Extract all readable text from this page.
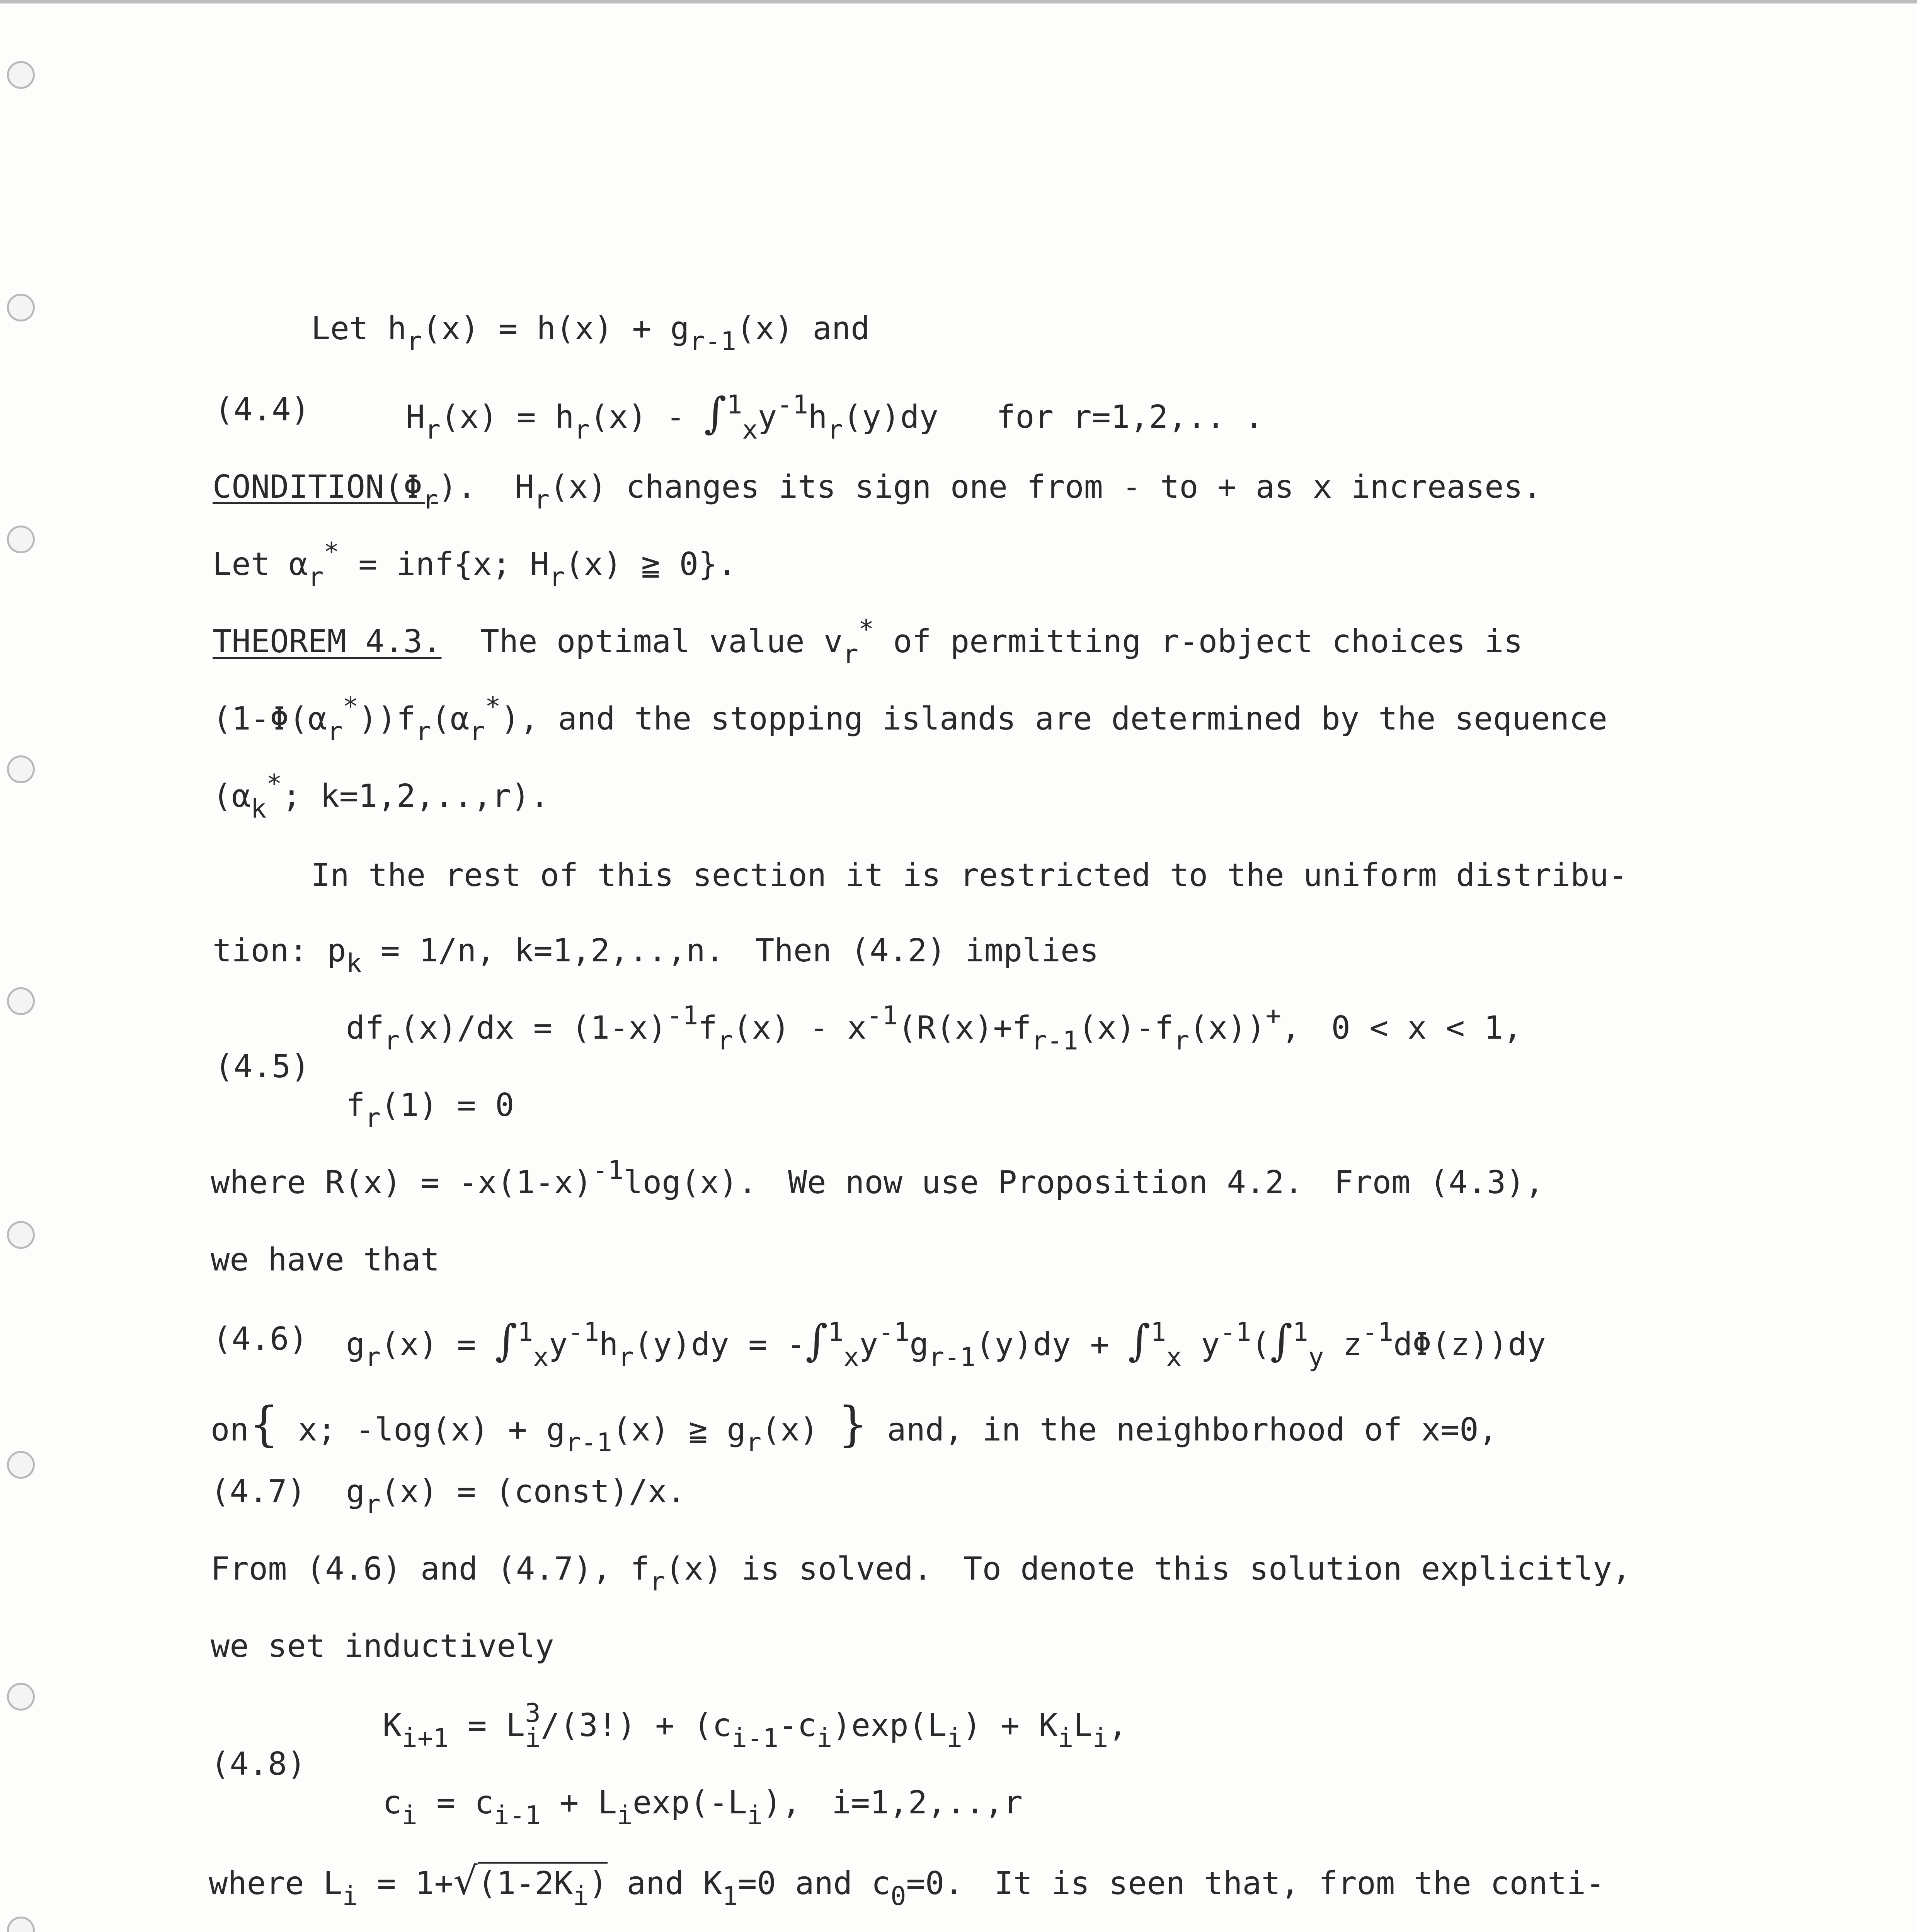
Let $h_r(x) = h(x) + g_{r-1}(x)$ and
(4.4)	$H_r(x) = h_r(x) - \int^1_xy^{-1}h_r(y)dy$ for r=1,2,.. .
$CONDITION(\Phi_r)$. $H_r(x)$ changes its sign one from - to + as x increases.
Let $\alpha_r^* = inf\{x$; $H_r(x)$ ≧ 0}.
THEOREM 4.3. The optimal value $v_r^*$ of permitting r-object choices is
$(1-\Phi(\alpha_r^*))f_r(\alpha_r^*)$, and the stopping islands are determined by the sequence
($\alpha_k^*$; k=1,2,..,r).
In the rest of this section it is restricted to the uniform distribu-
tion: $p_k = 1/n$, k=1,2,..,n. Then (4.2) implies
(4.5)
$df_r(x)/dx = (1-x)^{-1}f_r(x) - x^{-1}(R(x)+f_{r-1}(x)-f_r(x))^+$, 0 < x < 1,
$f_r(1) = 0$
where $R(x) = -x(1-x)^{-1}\log(x)$. We now use Proposition 4.2. From (4.3),
we have that
(4.6) $g_r(x) = \int^1_xy^{-1}h_r(y)dy = -\int^1_xy^{-1}g_{r-1}(y)dy + \int^1_x$ $y^{-1}(\int^1_y$ $z^{-1}d\Phi(z))dy$
on{ x; $-\log(x) + g_{r-1}(x)$ ≧ $g_r(x)$ } and, in the neighborhood of x=0,
(4.7) $g_r(x)$ = (const)/x.
From (4.6) and (4.7), $f_r(x)$ is solved. To denote this solution explicitly,
we set inductively
(4.8)
$K_{i+1} = L^3_i/(3!) + (c_{i-1}-c_i)\exp(L_i) + K_iL_i$,
$c_i = c_{i-1} + L_i\exp(-L_i)$, i=1,2,..,r
where $L_i = 1+√(1-2K_i)$ and $K_1=0$ and $c_0=0$. It is seen that, from the conti-
